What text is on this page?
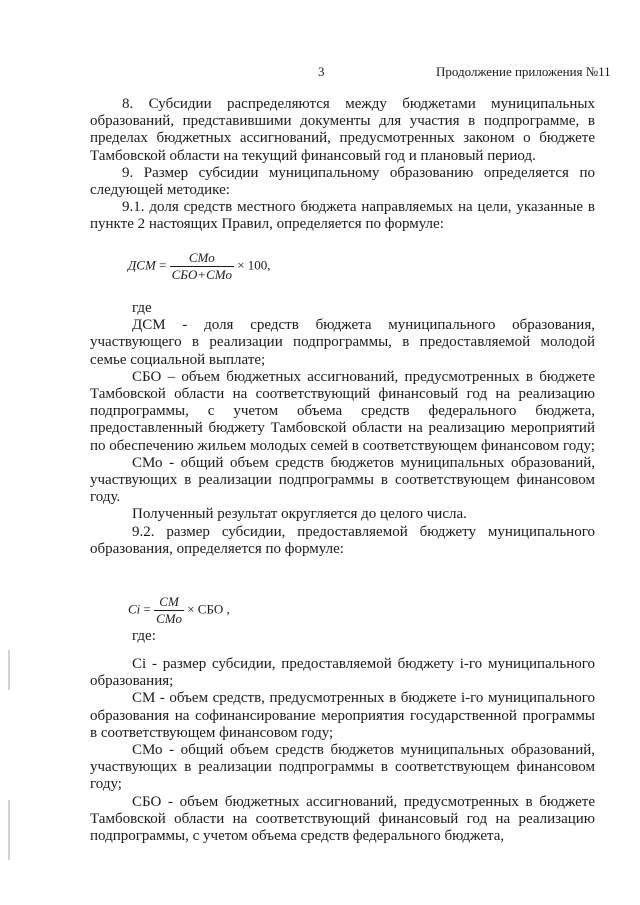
3	Продолжение приложения №11

8. Субсидии распределяются между бюджетами муниципальных образований, представившими документы для участия в подпрограмме, в пределах бюджетных ассигнований, предусмотренных законом о бюджете Тамбовской области на текущий финансовый год и плановый период.

9. Размер субсидии муниципальному образованию определяется по следующей методике:

9.1. доля средств местного бюджета направляемых на цели, указанные в пункте 2 настоящих Правил, определяется по формуле:

ДСМ = $\frac{\text{СМо}}{\text{СБО+СМо}} \times 100$,

где

ДСМ - доля средств бюджета муниципального образования, участвующего в реализации подпрограммы, в предоставляемой молодой семье социальной выплате;

СБО – объем бюджетных ассигнований, предусмотренных в бюджете Тамбовской области на соответствующий финансовый год на реализацию подпрограммы, с учетом объема средств федерального бюджета, предоставленный бюджету Тамбовской области на реализацию мероприятий по обеспечению жильем молодых семей в соответствующем финансовом году;

СМо - общий объем средств бюджетов муниципальных образований, участвующих в реализации подпрограммы в соответствующем финансовом году.

Полученный результат округляется до целого числа.

9.2. размер субсидии, предоставляемой бюджету муниципального образования, определяется по формуле:

$Ci = \frac{СМ}{\text{СМо}}$ × СБО ,

где:

Ci - размер субсидии, предоставляемой бюджету i-го муниципального образования;

СМ - объем средств, предусмотренных в бюджете i-го муниципального образования на софинансирование мероприятия государственной программы в соответствующем финансовом году;

СМо - общий объем средств бюджетов муниципальных образований, участвующих в реализации подпрограммы в соответствующем финансовом году;

СБО - объем бюджетных ассигнований, предусмотренных в бюджете Тамбовской области на соответствующий финансовый год на реализацию подпрограммы, с учетом объема средств федерального бюджета,
